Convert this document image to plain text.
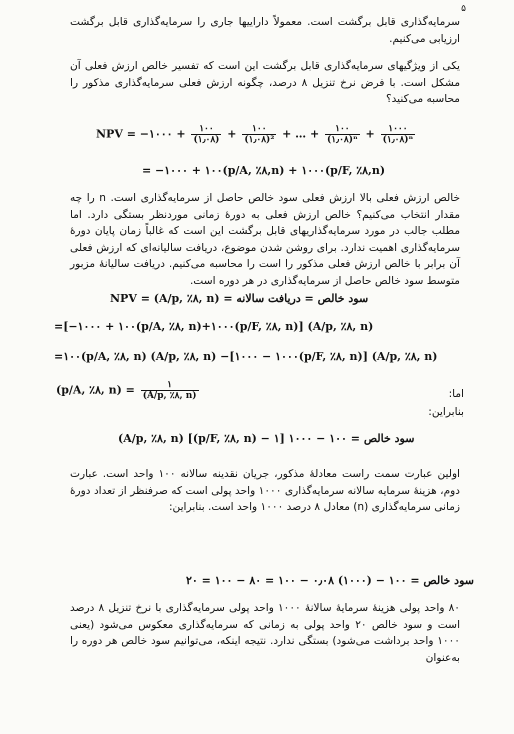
۵
سرمایه‌گذاری قابل برگشت است. معمولاً داراییها جاری را سرمایه‌گذاری قابل برگشت ارزیابی می‌کنیم.
یکی از ویژگیهای سرمایه‌گذاری قابل برگشت این است که تفسیر خالص ارزش فعلی آن مشکل است. با فرض نرخ تنزیل ۸ درصد، چگونه ارزش فعلی سرمایه‌گذاری مذکور را محاسبه می‌کنید؟
NPV = −۱۰۰۰ + $\frac{۱۰۰}{(۱٫۰۸)} + \frac{۱۰۰}{\text{(۱٫۰۸)²}}$ + … + $\frac{۱۰۰}{\text{(۱٫۰۸)ⁿ}} + \frac{۱۰۰۰}{\text{(۱٫۰۸)ⁿ}}$
= −۱۰۰۰ + ۱۰۰(p/A, ٪۸,n) + ۱۰۰۰(p/F, ٪۸,n)
خالص ارزش فعلی بالا ارزش فعلی سود خالص حاصل از سرمایه‌گذاری است. n را چه مقدار انتخاب می‌کنیم؟ خالص ارزش فعلی به دورهٔ زمانی موردنظر بستگی دارد. اما مطلب جالب در مورد سرمایه‌گذاریهای قابل برگشت این است که غالباً زمان پایان دورهٔ سرمایه‌گذاری اهمیت ندارد. برای روشن شدن موضوع، دریافت سالیانه‌ای که ارزش فعلی آن برابر با خالص ارزش فعلی مذکور را است را محاسبه می‌کنیم. دریافت سالیانهٔ مزبور متوسط سود خالص حاصل از سرمایه‌گذاری در هر دوره است.
سود خالص = دریافت سالانه = NPV = (A/p, ٪۸, n)
=[−۱۰۰۰ + ۱۰۰(p/A, ٪۸, n)+۱۰۰۰(p/F, ٪۸, n)] (A/p, ٪۸, n)
=۱۰۰(p/A, ٪۸, n) (A/p, ٪۸, n) −[۱۰۰۰ − ۱۰۰۰(p/F, ٪۸, n)] (A/p, ٪۸, n)
(p/A, ٪۸, $n) = \frac{۱}{(A/p, ٪۸, n)}$	اما:
بنابراین:
سود خالص = ۱۰۰ − ۱۰۰۰ [۱ − (p/F, ٪۸, n)] (A/p, ٪۸, n)
اولین عبارت سمت راست معادلهٔ مذکور، جریان نقدینه سالانه ۱۰۰ واحد است. عبارت دوم، هزینهٔ سرمایه سالانه سرمایه‌گذاری ۱۰۰۰ واحد پولی است که صرفنظر از تعداد دورهٔ زمانی سرمایه‌گذاری (n) معادل ۸ درصد ۱۰۰۰ واحد است. بنابراین:
سود خالص = ۱۰۰ − (۱۰۰۰) ۰٫۰۸ − ۱۰۰ = ۸۰ − ۱۰۰ = ۲۰
۸۰ واحد پولی هزینهٔ سرمایهٔ سالانهٔ ۱۰۰۰ واحد پولی سرمایه‌گذاری با نرخ تنزیل ۸ درصد است و سود خالص ۲۰ واحد پولی به زمانی که سرمایه‌گذاری معکوس می‌شود (یعنی ۱۰۰۰ واحد برداشت می‌شود) بستگی ندارد. نتیجه اینکه، می‌توانیم سود خالص هر دوره را به‌عنوان
